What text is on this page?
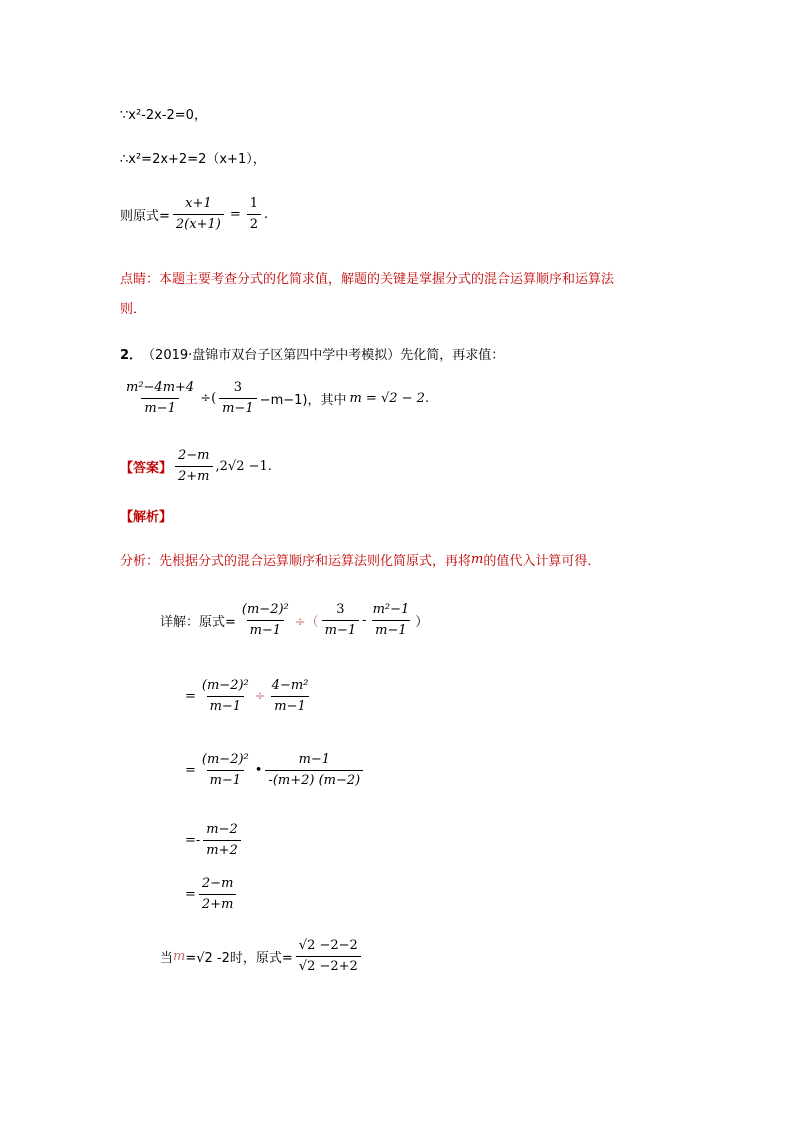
∵x²-2x-2=0，
∴x²=2x+2=2（x+1），
则原式= $\frac{x+1}{2(x+1)} = \frac{1}{2}$ .
点睛：本题主要考查分式的化简求值，解题的关键是掌握分式的混合运算顺序和运算法
则．
2． （2019·盘锦市双台子区第四中学中考模拟）先化简，再求值：
$\frac{\text{m²−4m+4}}{m-1}$ ÷( $\frac{3}{m-1} -m-1$)，其中 m = √2 − 2 .
【答案】 $\frac{2-m}{2+m} ,2√2 -1$.
【解析】
分析：先根据分式的混合运算顺序和运算法则化简原式，再将 m 的值代入计算可得．
详解：原式= $\frac{\text{(m−2)²}}{m-1}$ ÷（ $\frac{3}{m-1} - \frac{\text{m²−1}}{m-1}$ ）
= $\frac{\text{(m−2)²}}{m-1} \div \frac{\text{4−m²}}{m-1}$
= $\frac{\text{(m−2)²}}{m-1}$ • $\frac{m-1}{-(m+2) (m-2)}$
=- $\frac{m-2}{m+2}$
= $\frac{2-m}{2+m}$
当 m =√2 -2时，原式= $\frac{√2 -2-2}{√2 -2+2}$
